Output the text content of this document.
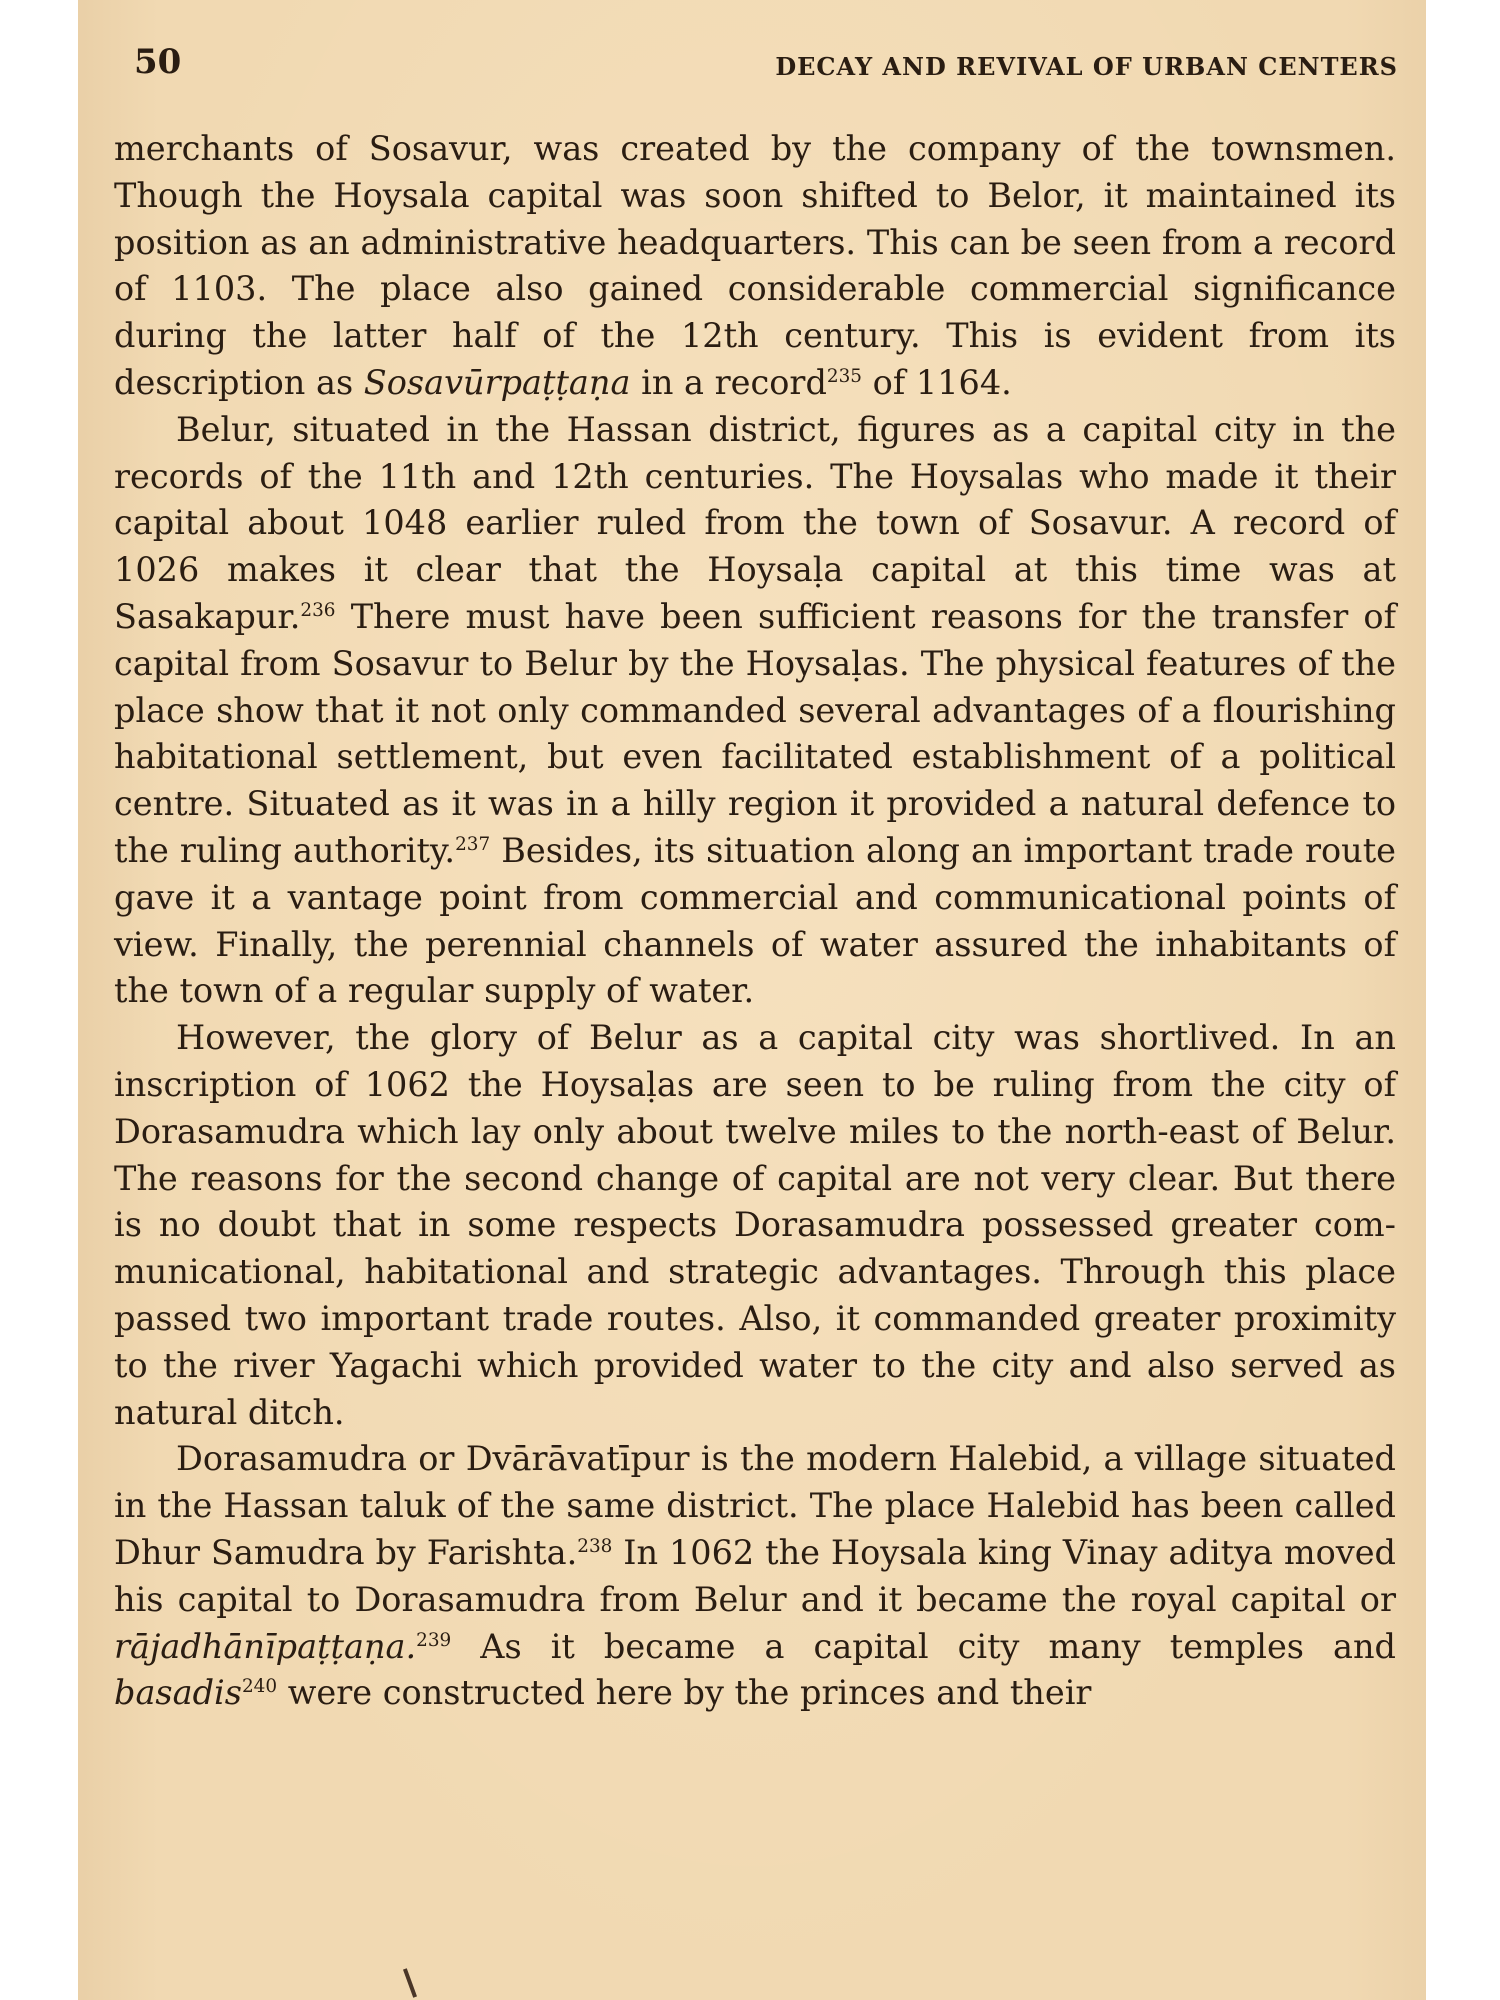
50	DECAY AND REVIVAL OF URBAN CENTERS

merchants of Sosavur, was created by the company of the townsmen. Though the Hoysala capital was soon shifted to Belor, it maintained its position as an administrative headquarters. This can be seen from a record of 1103. The place also gained considerable commercial significance during the latter half of the 12th century. This is evident from its description as Sosavūrpaṭṭaṇa in a record$^{235}$ of 1164.

Belur, situated in the Hassan district, figures as a capital city in the records of the 11th and 12th centuries. The Hoysalas who made it their capital about 1048 earlier ruled from the town of Sosavur. A record of 1026 makes it clear that the Hoysaḷa capital at this time was at Sasakapur.$^{236}$ There must have been sufficient reasons for the transfer of capital from Sosavur to Belur by the Hoysaḷas. The physical features of the place show that it not only commanded several advantages of a flourishing habitational settlement, but even facilitated establishment of a political centre. Situated as it was in a hilly region it provided a natural defence to the ruling authority.$^{237}$ Besides, its situation along an important trade route gave it a vantage point from commercial and communicational points of view. Finally, the perennial channels of water assured the inhabitants of the town of a regular supply of water.

However, the glory of Belur as a capital city was shortlived. In an inscription of 1062 the Hoysaḷas are seen to be ruling from the city of Dorasamudra which lay only about twelve miles to the north-east of Belur. The reasons for the second change of capital are not very clear. But there is no doubt that in some respects Dorasamudra possessed greater communicational, habitational and strategic advantages. Through this place passed two important trade routes. Also, it commanded greater proximity to the river Yagachi which provided water to the city and also served as natural ditch.

Dorasamudra or Dvārāvatīpur is the modern Halebid, a village situated in the Hassan taluk of the same district. The place Halebid has been called Dhur Samudra by Farishta.$^{238}$ In 1062 the Hoysala king Vinay aditya moved his capital to Dorasamudra from Belur and it became the royal capital or rājadhānīpaṭṭaṇa.$^{239}$ As it became a capital city many temples and basadis$^{240}$ were constructed here by the princes and their
